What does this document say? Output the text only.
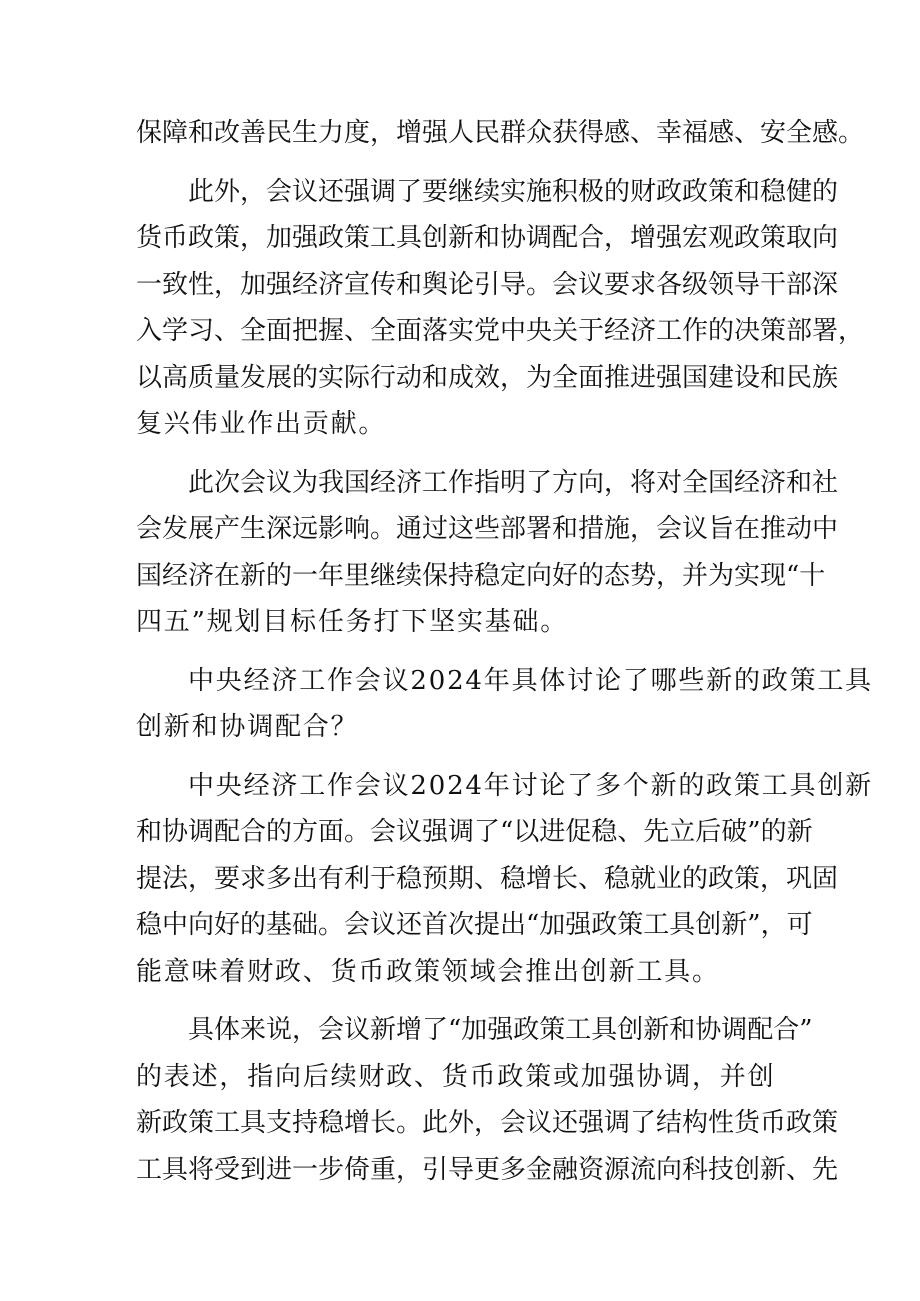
保障和改善民生力度，增强人民群众获得感、幸福感、安全感。
此外，会议还强调了要继续实施积极的财政政策和稳健的
货币政策，加强政策工具创新和协调配合，增强宏观政策取向
一致性，加强经济宣传和舆论引导。会议要求各级领导干部深
入学习、全面把握、全面落实党中央关于经济工作的决策部署，
以高质量发展的实际行动和成效，为全面推进强国建设和民族
复兴伟业作出贡献。
此次会议为我国经济工作指明了方向，将对全国经济和社
会发展产生深远影响。通过这些部署和措施，会议旨在推动中
国经济在新的一年里继续保持稳定向好的态势，并为实现“十
四五”规划目标任务打下坚实基础。
中央经济工作会议2024年具体讨论了哪些新的政策工具
创新和协调配合？
中央经济工作会议2024年讨论了多个新的政策工具创新
和协调配合的方面。会议强调了“以进促稳、先立后破”的新
提法，要求多出有利于稳预期、稳增长、稳就业的政策，巩固
稳中向好的基础。会议还首次提出“加强政策工具创新”，可
能意味着财政、货币政策领域会推出创新工具。
具体来说，会议新增了“加强政策工具创新和协调配合”
的表述，指向后续财政、货币政策或加强协调，并创
新政策工具支持稳增长。此外，会议还强调了结构性货币政策
工具将受到进一步倚重，引导更多金融资源流向科技创新、先
